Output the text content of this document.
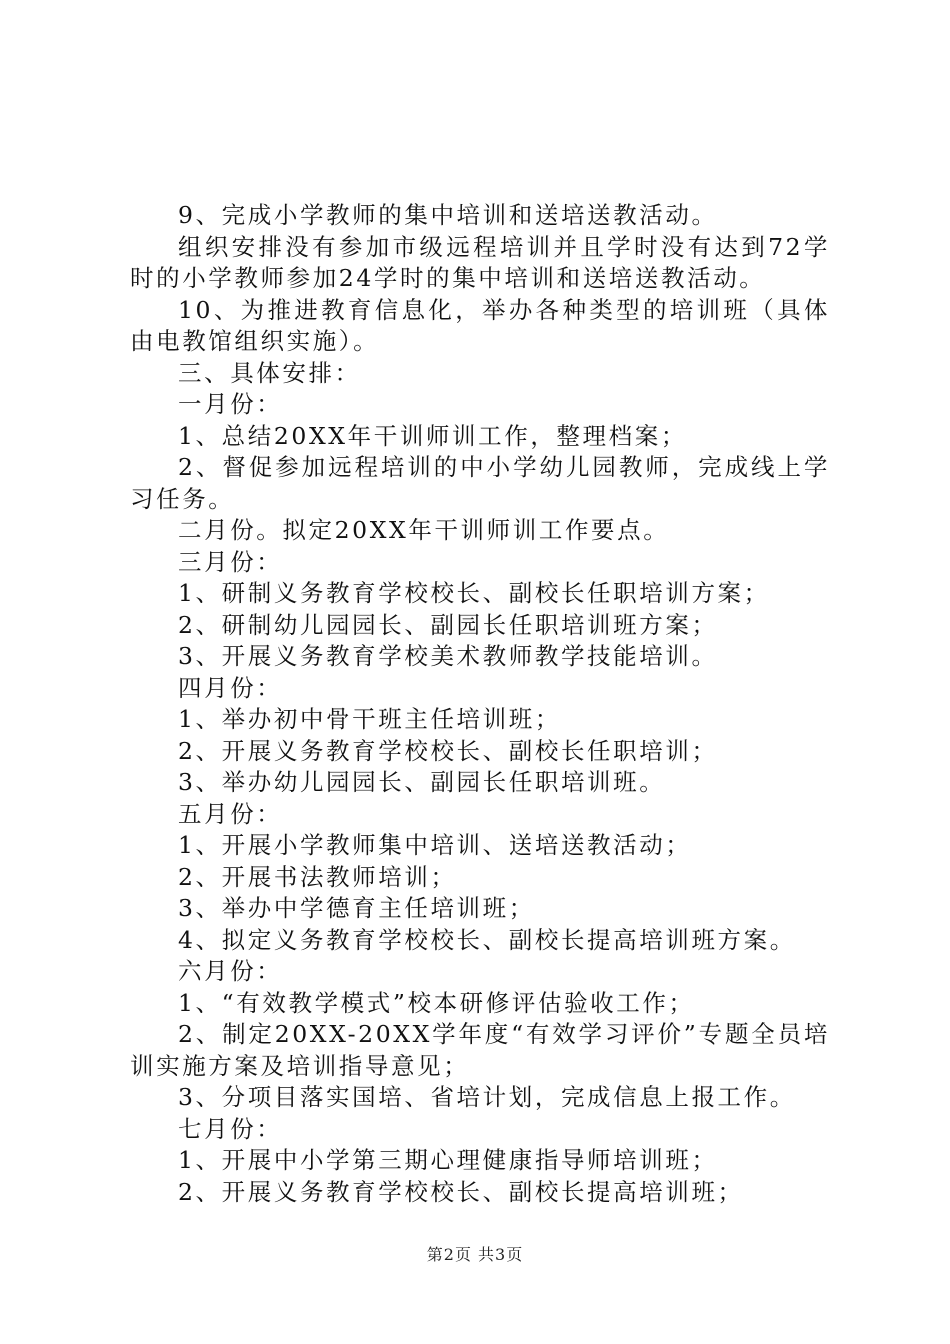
9、完成小学教师的集中培训和送培送教活动。

组织安排没有参加市级远程培训并且学时没有达到72学时的小学教师参加24学时的集中培训和送培送教活动。

10、为推进教育信息化，举办各种类型的培训班（具体由电教馆组织实施）。

三、具体安排：

一月份：

1、总结20XX年干训师训工作，整理档案；

2、督促参加远程培训的中小学幼儿园教师，完成线上学习任务。

二月份。拟定20XX年干训师训工作要点。

三月份：

1、研制义务教育学校校长、副校长任职培训方案；

2、研制幼儿园园长、副园长任职培训班方案；

3、开展义务教育学校美术教师教学技能培训。

四月份：

1、举办初中骨干班主任培训班；

2、开展义务教育学校校长、副校长任职培训；

3、举办幼儿园园长、副园长任职培训班。

五月份：

1、开展小学教师集中培训、送培送教活动；

2、开展书法教师培训；

3、举办中学德育主任培训班；

4、拟定义务教育学校校长、副校长提高培训班方案。

六月份：

1、“有效教学模式”校本研修评估验收工作；

2、制定20XX-20XX学年度“有效学习评价”专题全员培训实施方案及培训指导意见；

3、分项目落实国培、省培计划，完成信息上报工作。

七月份：

1、开展中小学第三期心理健康指导师培训班；

2、开展义务教育学校校长、副校长提高培训班；

第2页 共3页
